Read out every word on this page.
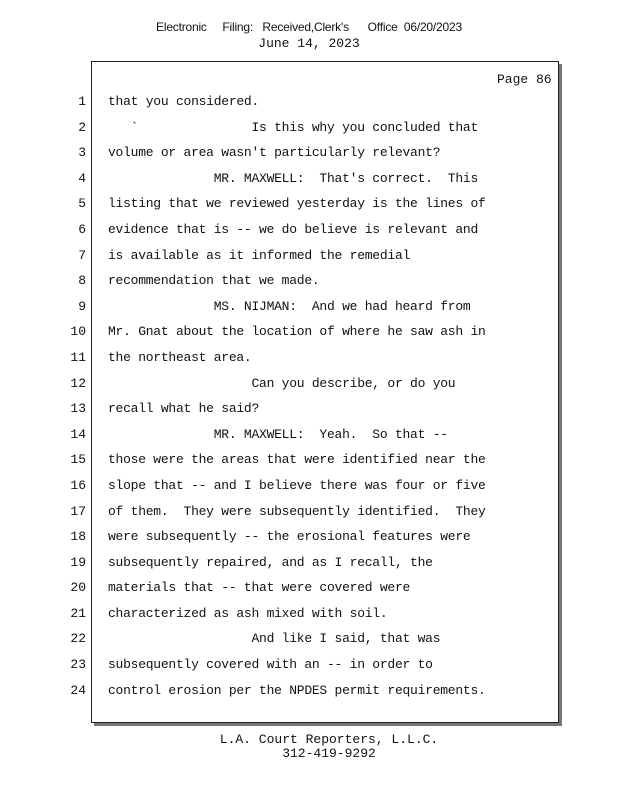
Electronic     Filing:   Received,Clerk's      Office  06/20/2023
June 14, 2023
Page 86
1
2
3
4
5
6
7
8
9
10
11
12
13
14
15
16
17
18
19
20
21
22
23
24
that you considered.
`               Is this why you concluded that
volume or area wasn't particularly relevant?
MR. MAXWELL:  That's correct.  This
listing that we reviewed yesterday is the lines of
evidence that is -- we do believe is relevant and
is available as it informed the remedial
recommendation that we made.
MS. NIJMAN:  And we had heard from
Mr. Gnat about the location of where he saw ash in
the northeast area.
Can you describe, or do you
recall what he said?
MR. MAXWELL:  Yeah.  So that --
those were the areas that were identified near the
slope that -- and I believe there was four or five
of them.  They were subsequently identified.  They
were subsequently -- the erosional features were
subsequently repaired, and as I recall, the
materials that -- that were covered were
characterized as ash mixed with soil.
And like I said, that was
subsequently covered with an -- in order to
control erosion per the NPDES permit requirements.
L.A. Court Reporters, L.L.C.
312-419-9292
